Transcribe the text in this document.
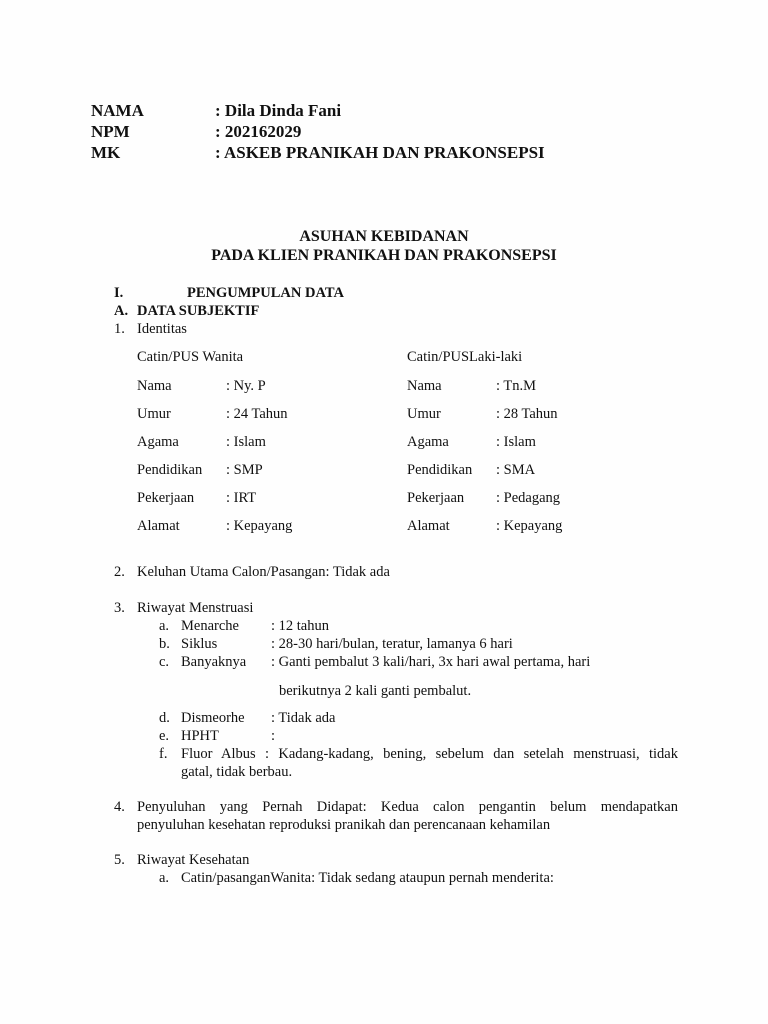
NAMA	: Dila Dinda Fani
NPM	: 202162029
MK	: ASKEB PRANIKAH DAN PRAKONSEPSI
ASUHAN KEBIDANAN
PADA KLIEN PRANIKAH DAN PRAKONSEPSI
I.	PENGUMPULAN DATA
A. DATA SUBJEKTIF
1. Identitas
Catin/PUS Wanita	Catin/PUSLaki-laki
Nama	: Ny. P	Nama	: Tn.M
Umur	: 24 Tahun	Umur	: 28 Tahun
Agama	: Islam	Agama	: Islam
Pendidikan : SMP	Pendidikan : SMA
Pekerjaan : IRT	Pekerjaan : Pedagang
Alamat	: Kepayang	Alamat	: Kepayang
2. Keluhan Utama Calon/Pasangan: Tidak ada
3. Riwayat Menstruasi
a. Menarche : 12 tahun
b. Siklus	: 28-30 hari/bulan, teratur, lamanya 6 hari
c. Banyaknya : Ganti pembalut 3 kali/hari, 3x hari awal pertama, hari
berikutnya 2 kali ganti pembalut.
d. Dismeorhe : Tidak ada
e. HPHT	:
f. Fluor Albus : Kadang-kadang, bening, sebelum dan setelah menstruasi, tidak
gatal, tidak berbau.
4. Penyuluhan yang Pernah Didapat: Kedua calon pengantin belum mendapatkan
penyuluhan kesehatan reproduksi pranikah dan perencanaan kehamilan
5. Riwayat Kesehatan
a. Catin/pasanganWanita: Tidak sedang ataupun pernah menderita:
